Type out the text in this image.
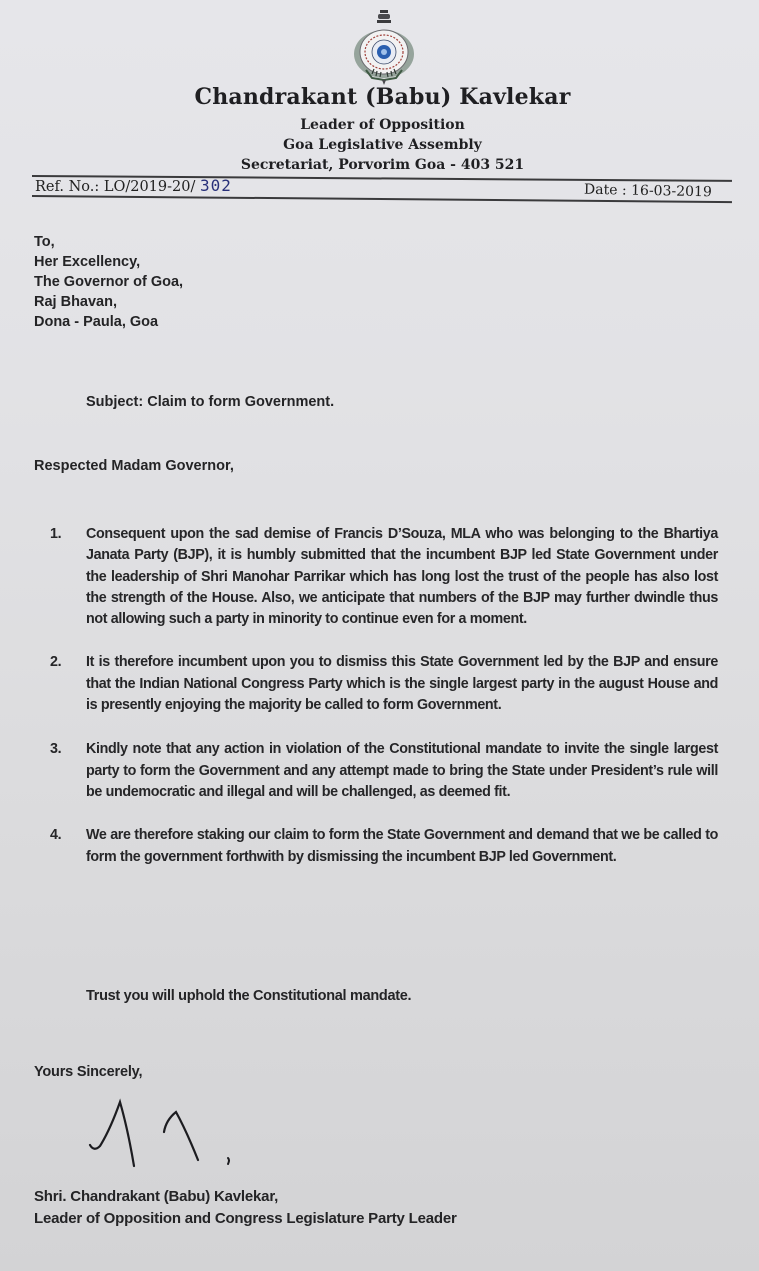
Chandrakant (Babu) Kavlekar
Leader of Opposition
Goa Legislative Assembly
Secretariat, Porvorim Goa - 403 521
Ref. No.: LO/2019-20/ 302	Date : 16-03-2019
To,
Her Excellency,
The Governor of Goa,
Raj Bhavan,
Dona - Paula, Goa
Subject: Claim to form Government.
Respected Madam Governor,
1.	Consequent upon the sad demise of Francis D’Souza, MLA who was belonging to the Bhartiya Janata Party (BJP), it is humbly submitted that the incumbent BJP led State Government under the leadership of Shri Manohar Parrikar which has long lost the trust of the people has also lost the strength of the House. Also, we anticipate that numbers of the BJP may further dwindle thus not allowing such a party in minority to continue even for a moment.
2.	It is therefore incumbent upon you to dismiss this State Government led by the BJP and ensure that the Indian National Congress Party which is the single largest party in the august House and is presently enjoying the majority be called to form Government.
3.	Kindly note that any action in violation of the Constitutional mandate to invite the single largest party to form the Government and any attempt made to bring the State under President’s rule will be undemocratic and illegal and will be challenged, as deemed fit.
4.	We are therefore staking our claim to form the State Government and demand that we be called to form the government forthwith by dismissing the incumbent BJP led Government.
Trust you will uphold the Constitutional mandate.
Yours Sincerely,
Shri. Chandrakant (Babu) Kavlekar,
Leader of Opposition and Congress Legislature Party Leader
